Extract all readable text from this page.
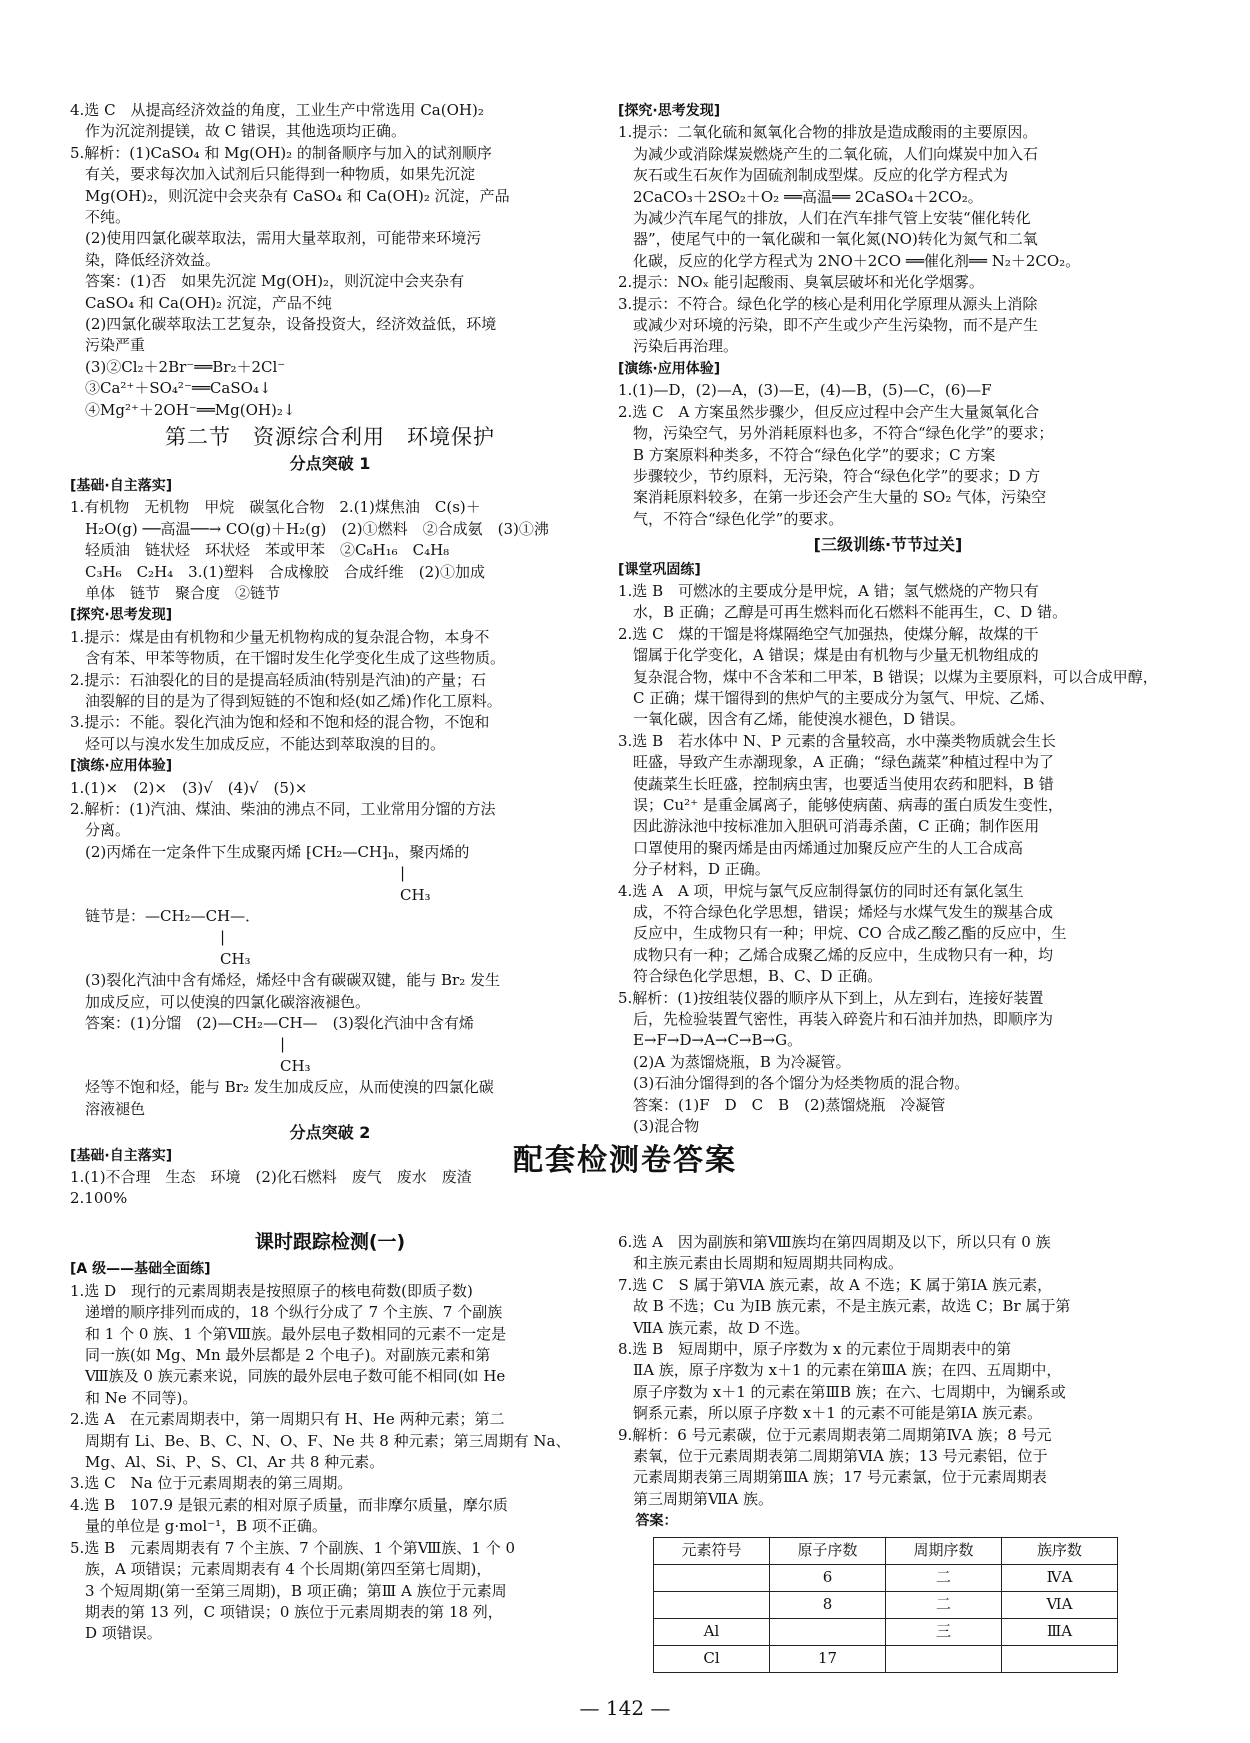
4.选 C　从提高经济效益的角度，工业生产中常选用 Ca(OH)₂
　作为沉淀剂提镁，故 C 错误，其他选项均正确。
5.解析：(1)CaSO₄ 和 Mg(OH)₂ 的制备顺序与加入的试剂顺序
　有关，要求每次加入试剂后只能得到一种物质，如果先沉淀
　Mg(OH)₂，则沉淀中会夹杂有 CaSO₄ 和 Ca(OH)₂ 沉淀，产品
　不纯。
　(2)使用四氯化碳萃取法，需用大量萃取剂，可能带来环境污
　染，降低经济效益。
　答案：(1)否　如果先沉淀 Mg(OH)₂，则沉淀中会夹杂有
　CaSO₄ 和 Ca(OH)₂ 沉淀，产品不纯
　(2)四氯化碳萃取法工艺复杂，设备投资大，经济效益低，环境
　污染严重
　(3)②Cl₂＋2Br⁻══Br₂＋2Cl⁻
　③Ca²⁺＋SO₄²⁻══CaSO₄↓
　④Mg²⁺＋2OH⁻══Mg(OH)₂↓
第二节　资源综合利用　环境保护
分点突破 1
[基础·自主落实]
1.有机物　无机物　甲烷　碳氢化合物　2.(1)煤焦油　C(s)＋
　H₂O(g) ──高温──→ CO(g)＋H₂(g)　(2)①燃料　②合成氨　(3)①沸
　轻质油　链状烃　环状烃　苯或甲苯　②C₈H₁₆　C₄H₈
　C₃H₆　C₂H₄　3.(1)塑料　合成橡胶　合成纤维　(2)①加成
　单体　链节　聚合度　②链节
[探究·思考发现]
1.提示：煤是由有机物和少量无机物构成的复杂混合物，本身不
　含有苯、甲苯等物质，在干馏时发生化学变化生成了这些物质。
2.提示：石油裂化的目的是提高轻质油(特别是汽油)的产量；石
　油裂解的目的是为了得到短链的不饱和烃(如乙烯)作化工原料。
3.提示：不能。裂化汽油为饱和烃和不饱和烃的混合物，不饱和
　烃可以与溴水发生加成反应，不能达到萃取溴的目的。
[演练·应用体验]
1.(1)×　(2)×　(3)√　(4)√　(5)×
2.解析：(1)汽油、煤油、柴油的沸点不同，工业常用分馏的方法
　分离。
　(2)丙烯在一定条件下生成聚丙烯 ⁅CH₂—CH⁆ₙ，聚丙烯的
　　　　　　　　　　　　　　　　　　　　　　|
　　　　　　　　　　　　　　　　　　　　　　CH₃
　链节是：—CH₂—CH—．
　　　　　　　　　　|
　　　　　　　　　　CH₃
　(3)裂化汽油中含有烯烃，烯烃中含有碳碳双键，能与 Br₂ 发生
　加成反应，可以使溴的四氯化碳溶液褪色。
　答案：(1)分馏　(2)—CH₂—CH—　(3)裂化汽油中含有烯
　　　　　　　　　　　　　　|
　　　　　　　　　　　　　　CH₃
　烃等不饱和烃，能与 Br₂ 发生加成反应，从而使溴的四氯化碳
　溶液褪色
分点突破 2
[基础·自主落实]
1.(1)不合理　生态　环境　(2)化石燃料　废气　废水　废渣
2.100%
[探究·思考发现]
1.提示：二氧化硫和氮氧化合物的排放是造成酸雨的主要原因。
　为减少或消除煤炭燃烧产生的二氧化硫，人们向煤炭中加入石
　灰石或生石灰作为固硫剂制成型煤。反应的化学方程式为
　2CaCO₃＋2SO₂＋O₂ ══高温══ 2CaSO₄＋2CO₂。
　为减少汽车尾气的排放，人们在汽车排气管上安装“催化转化
　器”，使尾气中的一氧化碳和一氧化氮(NO)转化为氮气和二氧
　化碳，反应的化学方程式为 2NO＋2CO ══催化剂══ N₂＋2CO₂。
2.提示：NOₓ 能引起酸雨、臭氧层破坏和光化学烟雾。
3.提示：不符合。绿色化学的核心是利用化学原理从源头上消除
　或减少对环境的污染，即不产生或少产生污染物，而不是产生
　污染后再治理。
[演练·应用体验]
1.(1)—D，(2)—A，(3)—E，(4)—B，(5)—C，(6)—F
2.选 C　A 方案虽然步骤少，但反应过程中会产生大量氮氧化合
　物，污染空气，另外消耗原料也多，不符合“绿色化学”的要求；
　B 方案原料种类多，不符合“绿色化学”的要求；C 方案
　步骤较少，节约原料，无污染，符合“绿色化学”的要求；D 方
　案消耗原料较多，在第一步还会产生大量的 SO₂ 气体，污染空
　气，不符合“绿色化学”的要求。
[三级训练·节节过关]
[课堂巩固练]
1.选 B　可燃冰的主要成分是甲烷，A 错；氢气燃烧的产物只有
　水，B 正确；乙醇是可再生燃料而化石燃料不能再生，C、D 错。
2.选 C　煤的干馏是将煤隔绝空气加强热，使煤分解，故煤的干
　馏属于化学变化，A 错误；煤是由有机物与少量无机物组成的
　复杂混合物，煤中不含苯和二甲苯，B 错误；以煤为主要原料，可以合成甲醇，
　C 正确；煤干馏得到的焦炉气的主要成分为氢气、甲烷、乙烯、
　一氧化碳，因含有乙烯，能使溴水褪色，D 错误。
3.选 B　若水体中 N、P 元素的含量较高，水中藻类物质就会生长
　旺盛，导致产生赤潮现象，A 正确；“绿色蔬菜”种植过程中为了
　使蔬菜生长旺盛，控制病虫害，也要适当使用农药和肥料，B 错
　误；Cu²⁺ 是重金属离子，能够使病菌、病毒的蛋白质发生变性，
　因此游泳池中按标准加入胆矾可消毒杀菌，C 正确；制作医用
　口罩使用的聚丙烯是由丙烯通过加聚反应产生的人工合成高
　分子材料，D 正确。
4.选 A　A 项，甲烷与氯气反应制得氯仿的同时还有氯化氢生
　成，不符合绿色化学思想，错误；烯烃与水煤气发生的羰基合成
　反应中，生成物只有一种；甲烷、CO 合成乙酸乙酯的反应中，生
　成物只有一种；乙烯合成聚乙烯的反应中，生成物只有一种，均
　符合绿色化学思想，B、C、D 正确。
5.解析：(1)按组装仪器的顺序从下到上，从左到右，连接好装置
　后，先检验装置气密性，再装入碎瓷片和石油并加热，即顺序为
　E→F→D→A→C→B→G。
　(2)A 为蒸馏烧瓶，B 为冷凝管。
　(3)石油分馏得到的各个馏分为烃类物质的混合物。
　答案：(1)F　D　C　B　(2)蒸馏烧瓶　冷凝管
　(3)混合物
配套检测卷答案
课时跟踪检测(一)
[A 级——基础全面练]
1.选 D　现行的元素周期表是按照原子的核电荷数(即质子数)
　递增的顺序排列而成的，18 个纵行分成了 7 个主族、7 个副族
　和 1 个 0 族、1 个第Ⅷ族。最外层电子数相同的元素不一定是
　同一族(如 Mg、Mn 最外层都是 2 个电子)。对副族元素和第
　Ⅷ族及 0 族元素来说，同族的最外层电子数可能不相同(如 He
　和 Ne 不同等)。
2.选 A　在元素周期表中，第一周期只有 H、He 两种元素；第二
　周期有 Li、Be、B、C、N、O、F、Ne 共 8 种元素；第三周期有 Na、
　Mg、Al、Si、P、S、Cl、Ar 共 8 种元素。
3.选 C　Na 位于元素周期表的第三周期。
4.选 B　107.9 是银元素的相对原子质量，而非摩尔质量，摩尔质
　量的单位是 g·mol⁻¹，B 项不正确。
5.选 B　元素周期表有 7 个主族、7 个副族、1 个第Ⅷ族、1 个 0
　族，A 项错误；元素周期表有 4 个长周期(第四至第七周期)，
　3 个短周期(第一至第三周期)，B 项正确；第Ⅲ A 族位于元素周
　期表的第 13 列，C 项错误；0 族位于元素周期表的第 18 列，
　D 项错误。
6.选 A　因为副族和第Ⅷ族均在第四周期及以下，所以只有 0 族
　和主族元素由长周期和短周期共同构成。
7.选 C　S 属于第ⅥA 族元素，故 A 不选；K 属于第ⅠA 族元素，
　故 B 不选；Cu 为ⅠB 族元素，不是主族元素，故选 C；Br 属于第
　ⅦA 族元素，故 D 不选。
8.选 B　短周期中，原子序数为 x 的元素位于周期表中的第
　ⅡA 族，原子序数为 x＋1 的元素在第ⅢA 族；在四、五周期中，
　原子序数为 x＋1 的元素在第ⅢB 族；在六、七周期中，为镧系或
　锕系元素，所以原子序数 x＋1 的元素不可能是第ⅠA 族元素。
9.解析：6 号元素碳，位于元素周期表第二周期第ⅣA 族；8 号元
　素氧，位于元素周期表第二周期第ⅥA 族；13 号元素铝，位于
　元素周期表第三周期第ⅢA 族；17 号元素氯，位于元素周期表
　第三周期第ⅦA 族。
答案：
元素符号	原子序数	周期序数	族序数
	6	二	ⅣA
	8	二	ⅥA
Al		三	ⅢA
Cl	17		
— 142 —
